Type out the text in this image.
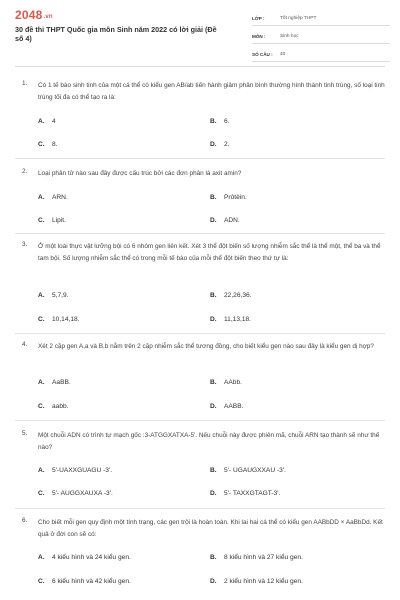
2048.vn
30 đề thi THPT Quốc gia môn Sinh năm 2022 có lời giải (Đề số 4)
LỚP :	Tốt nghiệp THPT
MÔN :	Sinh học
SỐ CÂU :	40
1.	Có 1 tế bào sinh tinh của một cá thể có kiểu gen AB/ab tiến hành giảm phân bình thường hình thành tinh trùng, số loại tinh trùng tối đa có thể tạo ra là:
A. 4	B. 6.
C. 8.	D. 2.
2.	Loại phân tử nào sau đây được cấu trúc bởi các đơn phân là axit amin?
A. ARN.	B. Prôtêin.
C. Lipit.	D. ADN.
3.	Ở một loài thực vật lưỡng bội có 6 nhóm gen liên kết. Xét 3 thể đột biến số lượng nhiễm sắc thể là thể một, thể ba và thể tam bội. Số lượng nhiễm sắc thể có trong mỗi tế bào của mỗi thể đột biến theo thứ tự là:
A. 5,7,9.	B. 22,26,36.
C. 10,14,18.	D. 11,13,18.
4.	Xét 2 cặp gen A,a và B,b nằm trên 2 cặp nhiễm sắc thể tương đồng, cho biết kiểu gen nào sau đây là kiểu gen dị hợp?
A. AaBB.	B. AAbb.
C. aabb.	D. AABB.
5.	Một chuỗi ADN có trình tự mạch gốc :3-ATGGXATXA-5'. Nếu chuỗi này được phiên mã, chuỗi ARN tạo thành sẽ như thế nào?
A. 5'-UAXXGUAGU -3'.	B. 5'- UGAUGXXAU -3'.
C. 5'- AUGGXAUXA -3'.	D. 5'- TAXXGTAGT-3'.
6.	Cho biết mỗi gen quy định một tính trạng, các gen trội là hoàn toàn. Khi lai hai cá thể có kiểu gen AABbDD × AaBbDd. Kết quả ở đời con sẽ có:
A. 4 kiểu hình và 24 kiểu gen.	B. 8 kiểu hình và 27 kiểu gen.
C. 6 kiểu hình và 42 kiểu gen.	D. 2 kiểu hình và 12 kiểu gen.
